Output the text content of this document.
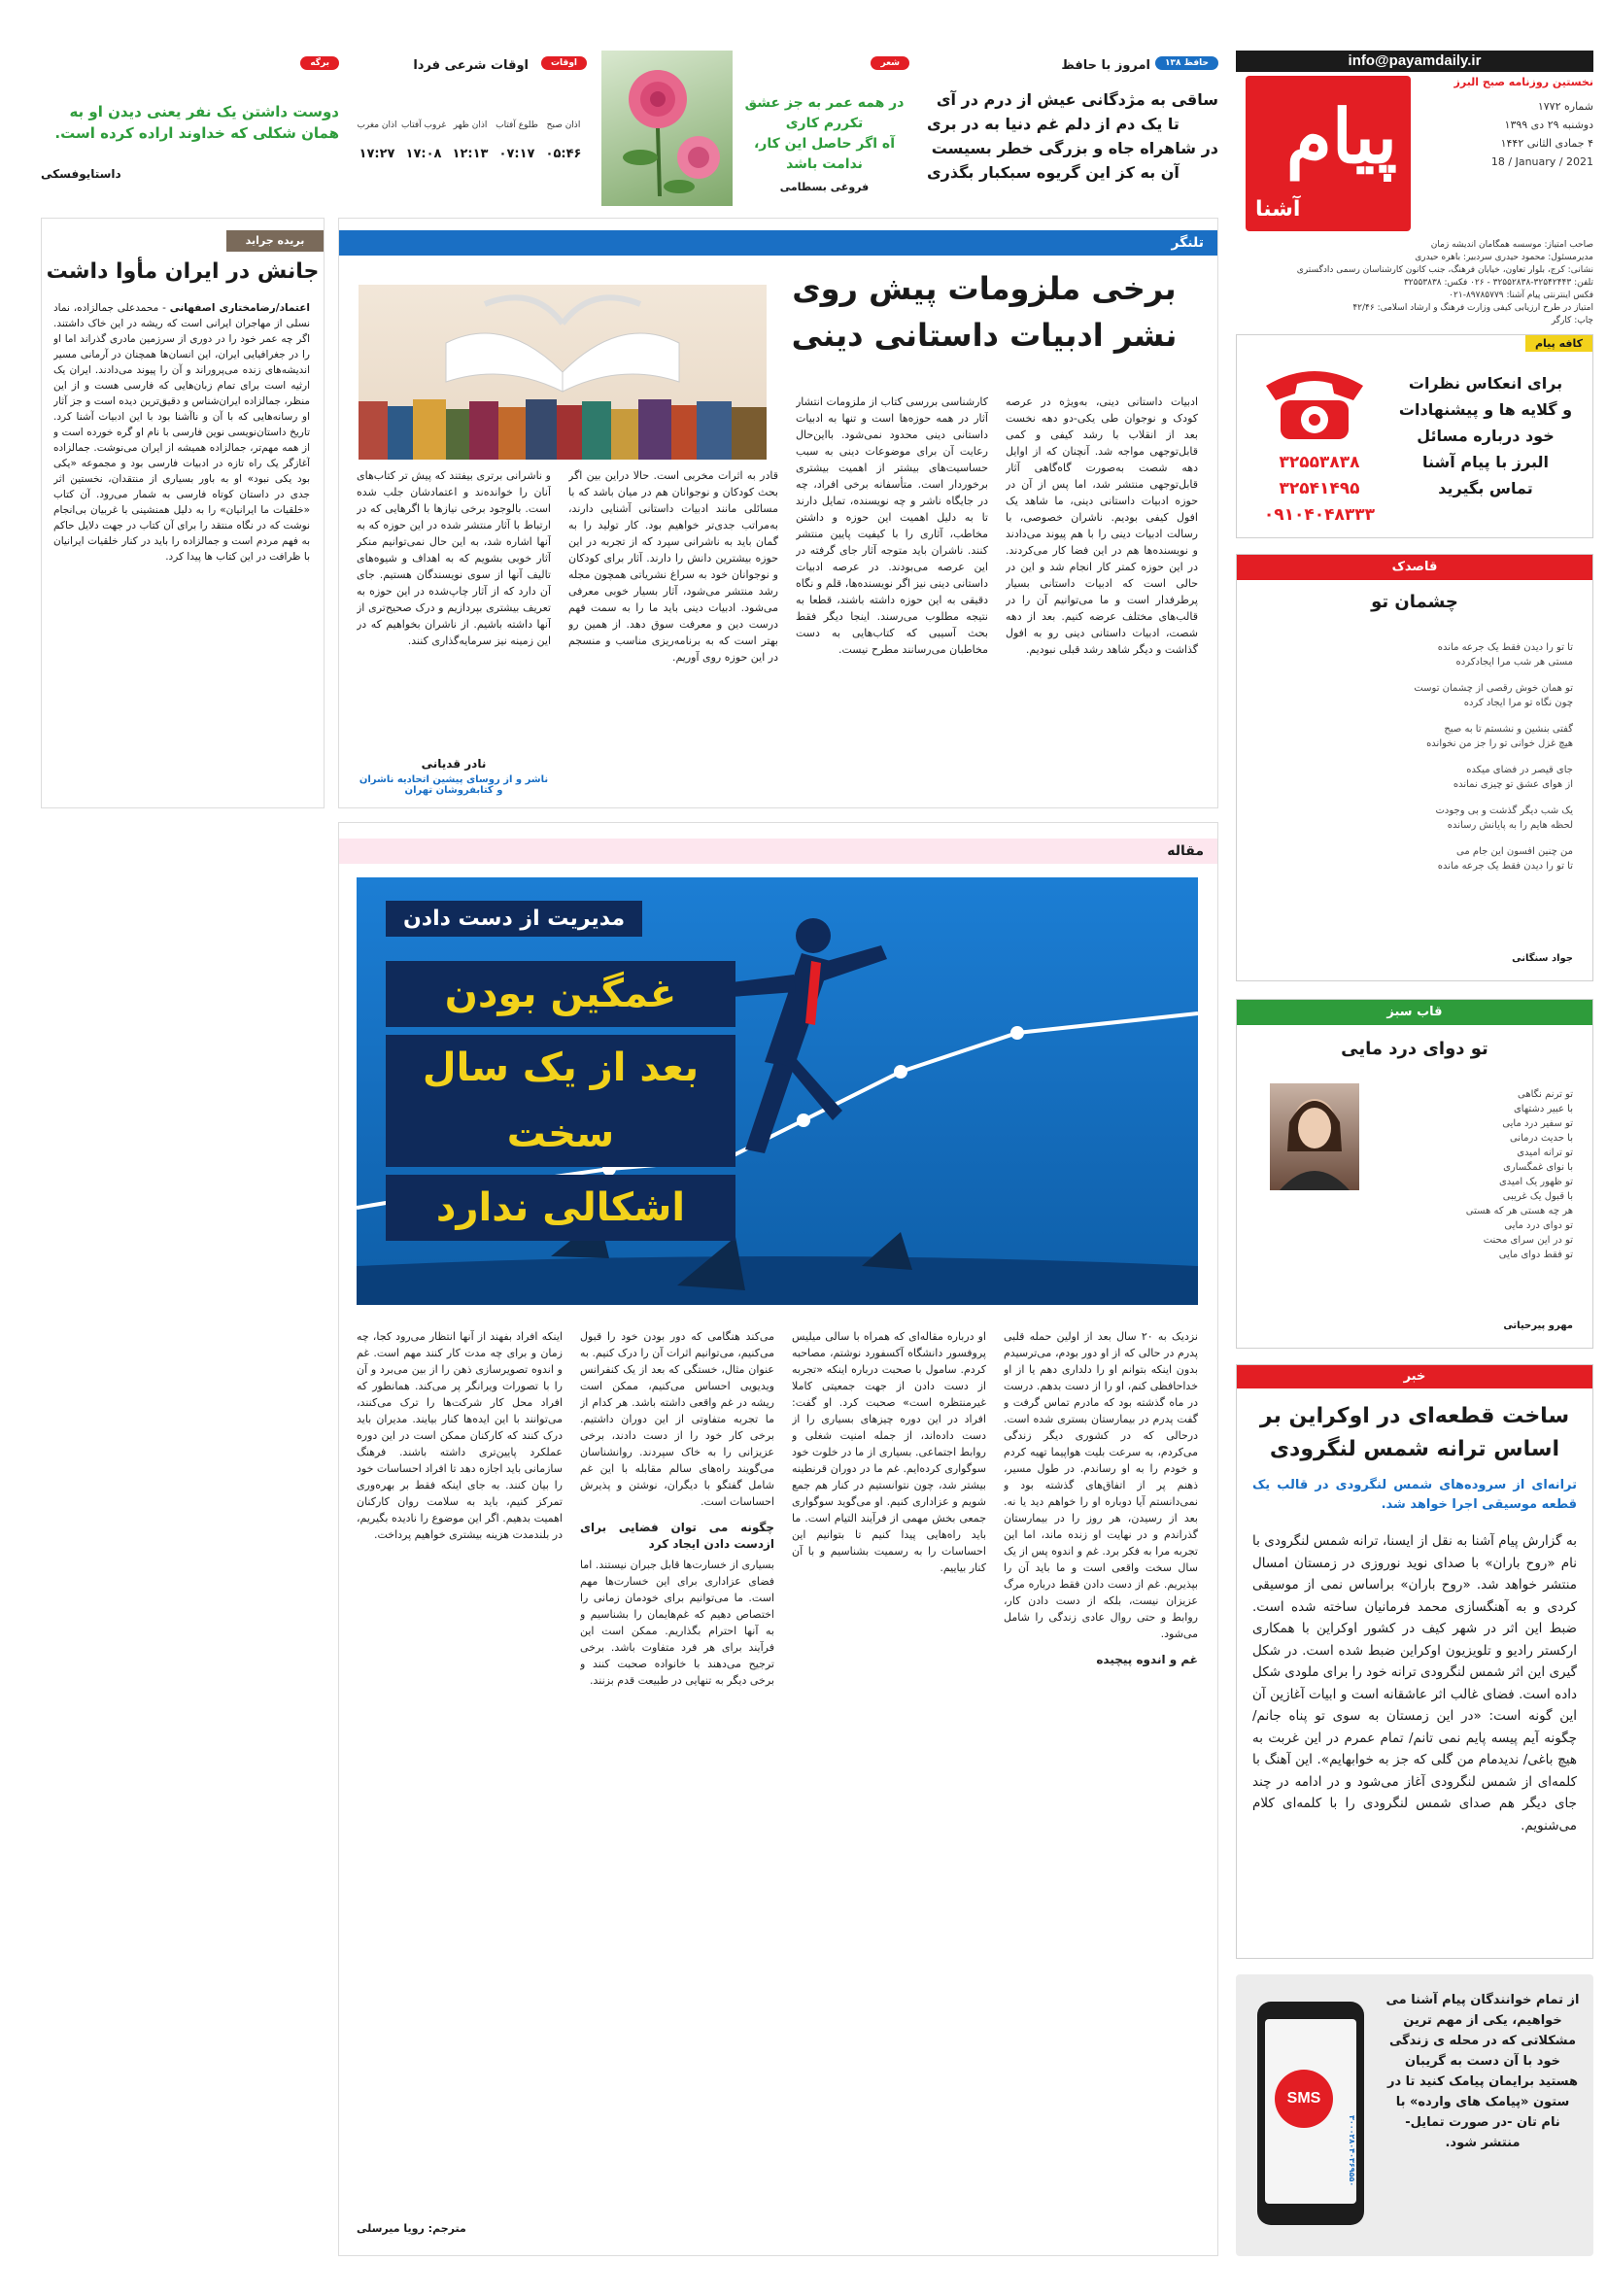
info@payamdaily.ir
نخستین روزنامه صبح البرز
پیام
آشنا
شماره ۱۷۷۲
دوشنبه ۲۹ دی ۱۳۹۹
۴ جمادی الثانی ۱۴۴۲
18 / January / 2021
صاحب امتیاز: موسسه همگامان اندیشه زمان
مدیرمسئول: محمود حیدری سردبیر: باهره حیدری
نشانی: کرج، بلوار تعاون، خیابان فرهنگ، جنب کانون کارشناسان رسمی دادگستری
تلفن: ۳۲۵۴۲۴۴۳-۳۲۵۵۲۸۳۸ - ۰۲۶ فکس: ۳۲۵۵۳۸۳۸
فکس اینترنتی پیام آشنا: ۸۹۷۸۵۷۷۹-۰۲۱
امتیاز در طرح ارزیابی کیفی وزارت فرهنگ و ارشاد اسلامی: ۴۲/۴۶
چاپ: کارگر
حافظ ۱۳۸
امروز با حافظ
ساقی به مژدگانی عیش از درم در آی
تا یک دم از دلم غم دنیا به در بری
در شاهراه جاه و بزرگی خطر بسیست
آن به کز این گریوه سبکبار بگذری
شعر
در همه عمر به جز عشق
تکررم کاری
آه اگر حاصل این کار،
ندامت باشد
فروغی بسطامی
اوقات
اوقات شرعی فردا
اذان صبح
۰۵:۴۶
طلوع آفتاب
۰۷:۱۷
اذان ظهر
۱۲:۱۳
غروب آفتاب
۱۷:۰۸
اذان مغرب
۱۷:۲۷
برگه
دوست داشتن یک نفر یعنی دیدن او به همان شکلی که خداوند اراده کرده است.
داستایوفسکی
کافه پیام
برای انعکاس نظرات
و گلایه ها و پیشنهادات
خود درباره مسائل
البرز با پیام آشنا
تماس بگیرید
۳۲۵۵۳۸۳۸
۳۲۵۴۱۴۹۵
۰۹۱۰۴۰۴۸۳۳۳
قاصدک
چشمان تو
تا تو را دیدن فقط یک جرعه مانده
مستی هر شب مرا ایجادکرده
تو همان خوش رقصی از چشمان توست
چون نگاه تو مرا ایجاد کرده
گفتی بنشین و نشستم تا به صبح
هیچ غزل خوانی تو را جز من نخوانده
جای قیصر در فضای میکده
از هوای عشق تو چیزی نمانده
یک شب دیگر گذشت و بی وجودت
لحظه هایم را به پایانش رسانده
من چنین افسون این جام می
تا تو را دیدن فقط یک جرعه مانده
جواد سنگانی
قاب سبز
تو دوای درد مایی
تو ترنم نگاهی
با عبیر دشتهای
تو سفیر درد مایی
با حدیث درمانی
تو ترانه امیدی
با نوای غمگساری
تو ظهور یک امیدی
با قبول یک غریبی
هر چه هستی هر که هستی
تو دوای درد مایی
تو در این سرای محنت
تو فقط دوای مایی
مهرو پیرحیاتی
خبر
ساخت قطعه‌ای در اوکراین بر اساس ترانه شمس لنگرودی
ترانه‌ای از سروده‌های شمس لنگرودی در قالب یک قطعه موسیقی اجرا خواهد شد.
به گزارش پیام آشنا به نقل از ایسنا، ترانه شمس لنگرودی با نام «روح باران» با صدای نوید نوروزی در زمستان امسال منتشر خواهد شد. «روح باران» براساس نمی از موسیقی کردی و به آهنگسازی محمد فرمانیان ساخته شده است. ضبط این اثر در شهر کیف در کشور اوکراین با همکاری ارکستر رادیو و تلویزیون اوکراین ضبط شده است. در شکل گیری این اثر شمس لنگرودی ترانه خود را برای ملودی شکل داده است. فضای غالب اثر عاشقانه است و ابیات آغازین آن این گونه است: «در این زمستان به سوی تو پناه جانم/ چگونه آیم پیسه پایم نمی تانم/ تمام عمرم در این غربت به هیچ باغی/ ندیدمام من گلی که جز به خوابهایم». این آهنگ با کلمه‌ای از شمس لنگرودی آغاز می‌شود و در ادامه در چند جای دیگر هم صدای شمس لنگرودی را با کلمه‌ای کلام می‌شنویم.
از تمام خوانندگان پیام آشنا می خواهیم، یکی از مهم ترین مشکلاتی که در محله ی زندگی خود با آن دست به گریبان هستید برایمان پیامک کنید تا در ستون «پیامک های وارده» با نام تان -در صورت تمایل- منتشر شود.
SMS
۳۰۰۰۲۸۰۴۰۳۶۹۵۵۰
تلنگر
برخی ملزومات پیش روی
نشر ادبیات داستانی دینی
ادبیات داستانی دینی، به‌ویژه در عرصه کودک و نوجوان طی یکی-دو دهه نخست بعد از انقلاب با رشد کیفی و کمی قابل‌توجهی مواجه شد. آنچنان که از اوایل دهه شصت به‌صورت گاه‌گاهی آثار قابل‌توجهی منتشر شد، اما پس از آن در حوزه ادبیات داستانی دینی، ما شاهد یک افول کیفی بودیم. ناشران خصوصی، با رسالت ادبیات دینی را با هم پیوند می‌دادند و نویسنده‌ها هم در این فضا کار می‌کردند. در این حوزه کمتر کار انجام شد و این در حالی است که ادبیات داستانی بسیار پرطرفدار است و ما می‌توانیم آن را در قالب‌های مختلف عرضه کنیم. بعد از دهه شصت، ادبیات داستانی دینی رو به افول گذاشت و دیگر شاهد رشد قبلی نبودیم.
کارشناسی بررسی کتاب از ملزومات انتشار آثار در همه حوزه‌ها است و تنها به ادبیات داستانی دینی محدود نمی‌شود. بااین‌حال رعایت آن برای موضوعات دینی به سبب حساسیت‌های بیشتر از اهمیت بیشتری برخوردار است. متأسفانه برخی افراد، چه در جایگاه ناشر و چه نویسنده، تمایل دارند تا به دلیل اهمیت این حوزه و داشتن مخاطب، آثاری را با کیفیت پایین منتشر کنند. ناشران باید متوجه آثار جای گرفته در این عرصه می‌بودند. در عرصه ادبیات داستانی دینی نیز اگر نویسنده‌ها، قلم و نگاه دقیقی به این حوزه داشته باشند، قطعا به نتیجه مطلوب می‌رسند. اینجا دیگر فقط بحث آسیبی که کتاب‌هایی به دست مخاطبان می‌رسانند مطرح نیست.
قادر به اثرات مخربی است. حالا دراین بین اگر بحث کودکان و نوجوانان هم در میان باشد که با مسائلی مانند ادبیات داستانی آشنایی دارند، به‌مراتب جدی‌تر خواهیم بود. کار تولید را به گمان باید به ناشرانی سپرد که از تجربه در این حوزه بیشترین دانش را دارند. آثار برای کودکان و نوجوانان خود به سراغ نشریاتی همچون مجله رشد منتشر می‌شود، آثار بسیار خوبی معرفی می‌شود. ادبیات دینی باید ما را به سمت فهم درست دین و معرفت سوق دهد. از همین رو بهتر است که به برنامه‌ریزی مناسب و منسجم در این حوزه روی آوریم.
و ناشرانی برتری بیفتند که پیش تر کتاب‌های آنان را خوانده‌ند و اعتمادشان جلب شده است. بالوجود برخی نیاز‌ها با اگرهایی که در ارتباط با آثار منتشر شده در این حوزه که به آنها اشاره شد، به این حال نمی‌توانیم منکر آثار خوبی بشویم که به اهداف و شیوه‌های تالیف آنها از سوی نویسندگان هستیم. جای آن دارد که از آثار چاپ‌شده در این حوزه به تعریف بیشتری بپردازیم و درک صحیح‌تری از آنها داشته باشیم. از ناشران بخواهیم که در این زمینه نیز سرمایه‌گذاری کنند.
نادر قدیانی
ناشر و از روسای پیشین اتحادیه ناشران و کتابفروشان تهران
بریده جراید
جانش در ایران مأوا داشت
اعتماد/رضامختاری اصفهانی - محمدعلی جمالزاده، نماد نسلی از مهاجران ایرانی است که ریشه در این خاک داشتند. اگر چه عمر خود را در دوری از سرزمین مادری گذراند اما او را در جغرافیایی ایران، این انسان‌ها همچنان در آرمانی مسیر اندیشه‌های زنده می‌پروراند و آن را پیوند می‌دادند. ایران یک ارثیه است برای تمام زبان‌هایی که فارسی هست و از این منظر، جمالزاده ایران‌شناس و دقیق‌ترین دیده است و جز آثار او رسانه‌هایی که با آن و ناآشنا بود با این ادبیات آشنا کرد. تاریخ داستان‌نویسی نوین فارسی با نام او گره خورده است و از همه مهم‌تر، جمالزاده همیشه از ایران می‌نوشت. جمالزاده آغازگر یک راه تازه در ادبیات فارسی بود و مجموعه «یکی بود یکی نبود» او به باور بسیاری از منتقدان، نخستین اثر جدی در داستان کوتاه فارسی به شمار می‌رود. آن کتاب «خلقیات ما ایرانیان» را به دلیل همنشینی با غربیان بی‌انجام نوشت که در نگاه منتقد را برای آن کتاب در جهت دلایل حاکم به فهم مردم است و جمالزاده را باید در کنار خلقیات ایرانیان با ظرافت در این کتاب ها پیدا کرد.
مقاله
مدیریت از دست دادن
غمگین بودن
بعد از یک سال سخت
اشکالی ندارد
نزدیک به ۲۰ سال بعد از اولین حمله قلبی پدرم در حالی که از او دور بودم، می‌ترسیدم بدون اینکه بتوانم او را دلداری دهم یا از او خداحافظی کنم، او را از دست بدهم. درست در ماه گذشته بود که مادرم تماس گرفت و گفت پدرم در بیمارستان بستری شده است. درحالی که در کشوری دیگر زندگی می‌کردم، به سرعت بلیت هواپیما تهیه کردم و خودم را به او رساندم. در طول مسیر، ذهنم پر از اتفاق‌های گذشته بود و نمی‌دانستم آیا دوباره او را خواهم دید یا نه. بعد از رسیدن، هر روز را در بیمارستان گذراندم و در نهایت او زنده ماند، اما این تجربه مرا به فکر برد. غم و اندوه پس از یک سال سخت واقعی است و ما باید آن را بپذیریم. غم از دست دادن فقط درباره مرگ عزیزان نیست، بلکه از دست دادن کار، روابط و حتی روال عادی زندگی را شامل می‌شود.
غم و اندوه پیچیده
او درباره مقاله‌ای که همراه با سالی میلیس پروفسور دانشگاه آکسفورد نوشتم، مصاحبه کردم. سامول با صحبت درباره اینکه «تجربه از دست دادن از جهت جمعیتی کاملا غیرمنتظره است» صحبت کرد. او گفت: افراد در این دوره چیزهای بسیاری را از دست داده‌اند، از جمله امنیت شغلی و روابط اجتماعی. بسیاری از ما در خلوت خود سوگواری کرده‌ایم. غم ما در دوران قرنطینه بیشتر شد، چون نتوانستیم در کنار هم جمع شویم و عزاداری کنیم. او می‌گوید سوگواری جمعی بخش مهمی از فرآیند التیام است. ما باید راه‌هایی پیدا کنیم تا بتوانیم این احساسات را به رسمیت بشناسیم و با آن کنار بیاییم.
می‌کند هنگامی که دور بودن خود را قبول می‌کنیم، می‌توانیم اثرات آن را درک کنیم. به عنوان مثال، خستگی که بعد از یک کنفرانس ویدیویی احساس می‌کنیم، ممکن است ریشه در غم واقعی داشته باشد. هر کدام از ما تجربه متفاوتی از این دوران داشتیم. برخی کار خود را از دست دادند، برخی عزیزانی را به خاک سپردند. روانشناسان می‌گویند راه‌های سالم مقابله با این غم شامل گفتگو با دیگران، نوشتن و پذیرش احساسات است.
چگونه می توان فضایی برای ازدست دادن ایجاد کرد
بسیاری از خسارت‌ها قابل جبران نیستند. اما فضای عزاداری برای این خسارت‌ها مهم است. ما می‌توانیم برای خودمان زمانی را اختصاص دهیم که غم‌هایمان را بشناسیم و به آنها احترام بگذاریم. ممکن است این فرآیند برای هر فرد متفاوت باشد. برخی ترجیح می‌دهند با خانواده صحبت کنند و برخی دیگر به تنهایی در طبیعت قدم بزنند.
اینکه افراد بفهند از آنها انتظار می‌رود کجا، چه زمان و برای چه مدت کار کنند مهم است. غم و اندوه تصویرسازی ذهن را از بین می‌برد و آن را با تصورات ویرانگر پر می‌کند. همانطور که افراد محل کار شرکت‌ها را ترک می‌کنند، می‌توانند با این ایده‌ها کنار بیایند. مدیران باید درک کنند که کارکنان ممکن است در این دوره عملکرد پایین‌تری داشته باشند. فرهنگ سازمانی باید اجازه دهد تا افراد احساسات خود را بیان کنند. به جای اینکه فقط بر بهره‌وری تمرکز کنیم، باید به سلامت روان کارکنان اهمیت بدهیم. اگر این موضوع را نادیده بگیریم، در بلندمدت هزینه بیشتری خواهیم پرداخت.
مترجم: رویا میرسلی
